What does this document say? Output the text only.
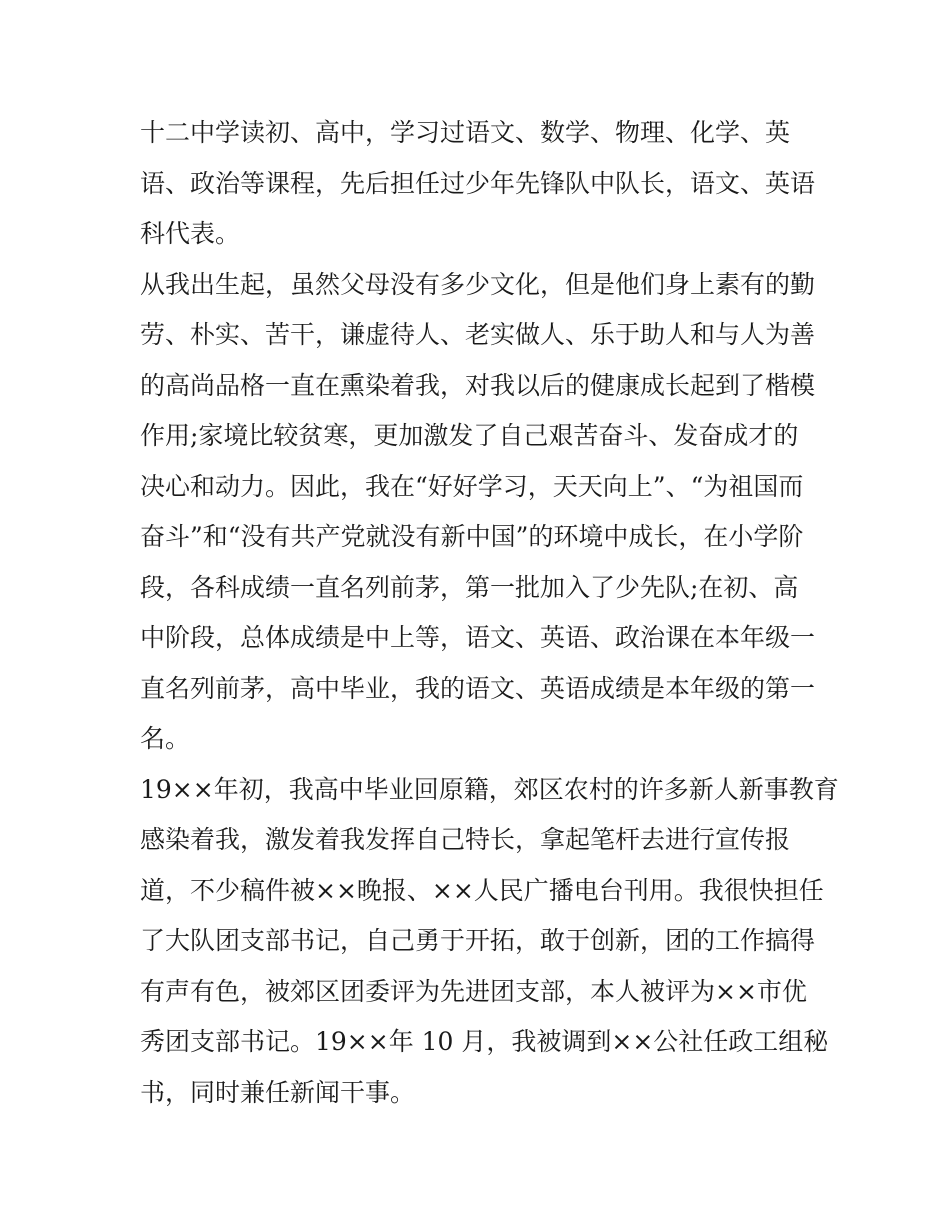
十二中学读初、高中，学习过语文、数学、物理、化学、英
语、政治等课程，先后担任过少年先锋队中队长，语文、英语
科代表。
从我出生起，虽然父母没有多少文化，但是他们身上素有的勤
劳、朴实、苦干，谦虚待人、老实做人、乐于助人和与人为善
的高尚品格一直在熏染着我，对我以后的健康成长起到了楷模
作用;家境比较贫寒，更加激发了自己艰苦奋斗、发奋成才的
决心和动力。因此，我在“好好学习，天天向上”、“为祖国而
奋斗”和“没有共产党就没有新中国”的环境中成长，在小学阶
段，各科成绩一直名列前茅，第一批加入了少先队;在初、高
中阶段，总体成绩是中上等，语文、英语、政治课在本年级一
直名列前茅，高中毕业，我的语文、英语成绩是本年级的第一
名。
19××年初，我高中毕业回原籍，郊区农村的许多新人新事教育
感染着我，激发着我发挥自己特长，拿起笔杆去进行宣传报
道，不少稿件被××晚报、××人民广播电台刊用。我很快担任
了大队团支部书记，自己勇于开拓，敢于创新，团的工作搞得
有声有色，被郊区团委评为先进团支部，本人被评为××市优
秀团支部书记。19××年 10 月，我被调到××公社任政工组秘
书，同时兼任新闻干事。
